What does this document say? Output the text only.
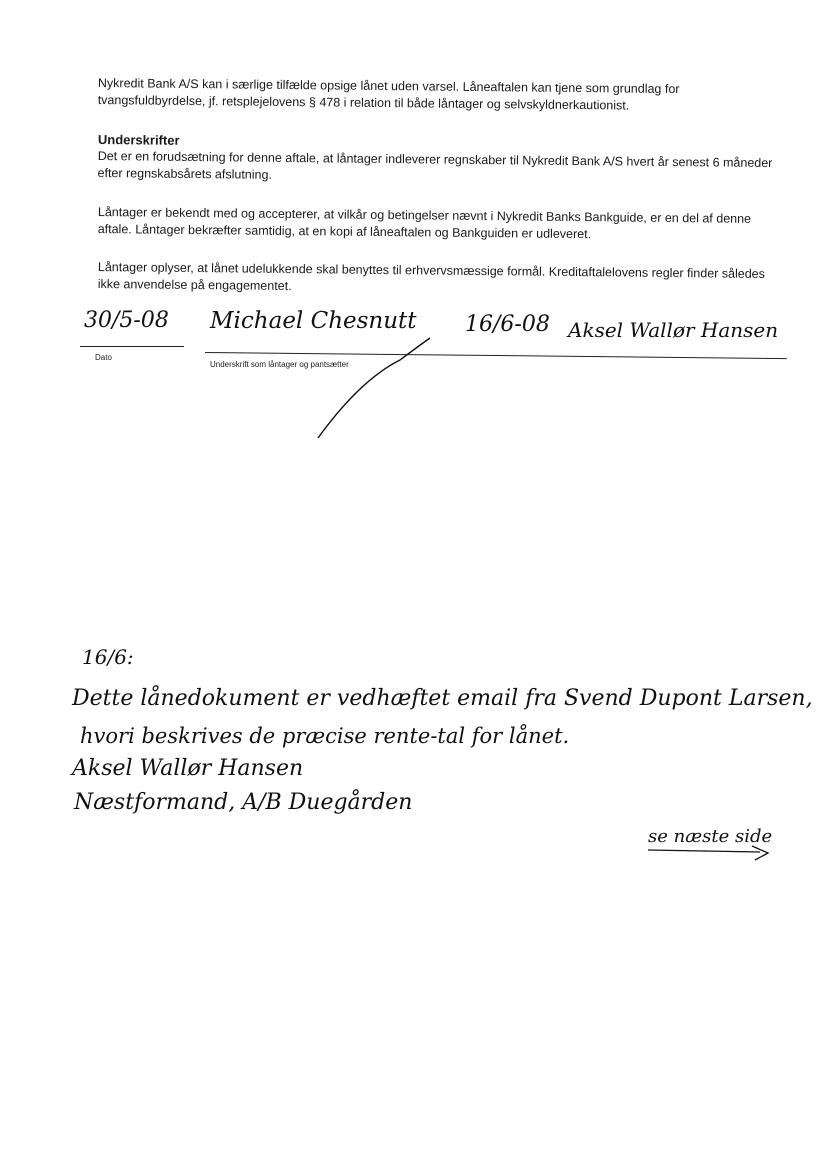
Nykredit Bank A/S kan i særlige tilfælde opsige lånet uden varsel. Låneaftalen kan tjene som grundlag for tvangsfuldbyrdelse, jf. retsplejelovens § 478 i relation til både låntager og selvskyldnerkautionist.

Underskrifter

Det er en forudsætning for denne aftale, at låntager indleverer regnskaber til Nykredit Bank A/S hvert år senest 6 måneder efter regnskabsårets afslutning.

Låntager er bekendt med og accepterer, at vilkår og betingelser nævnt i Nykredit Banks Bankguide, er en del af denne aftale. Låntager bekræfter samtidig, at en kopi af låneaftalen og Bankguiden er udleveret.

Låntager oplyser, at lånet udelukkende skal benyttes til erhvervsmæssige formål. Kreditaftalelovens regler finder således ikke anvendelse på engagementet.

30/5-08
Dato
Michael Chesnutt
Underskrift som låntager og pantsætter
16/6-08 Aksel Wallør Hansen
16/6:
Dette lånedokument er vedhæftet email fra Svend Dupont Larsen,
hvori beskrives de præcise rente-tal for lånet.
Aksel Wallør Hansen
Næstformand, A/B Duegården
se næste side
